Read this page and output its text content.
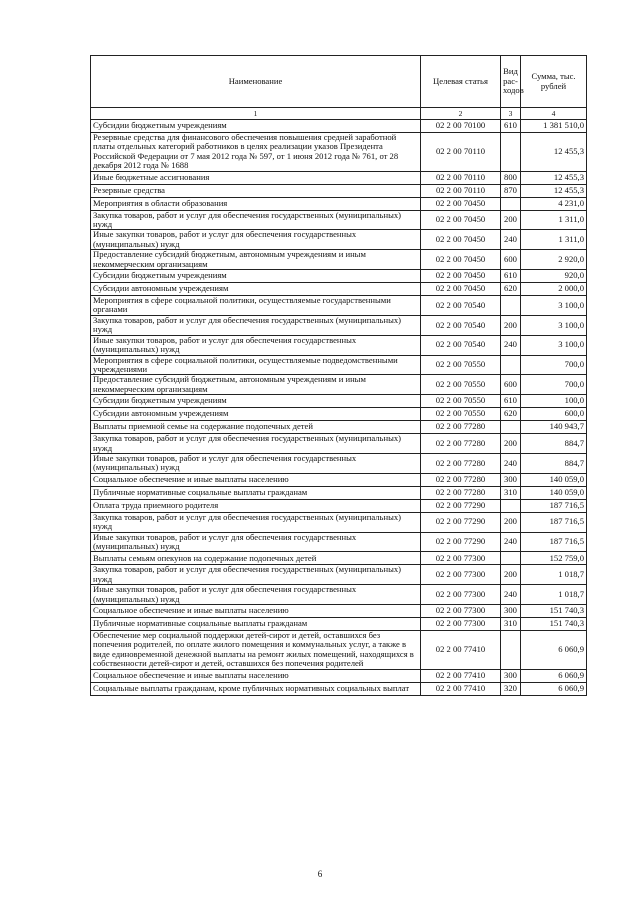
Наименование	Целевая статья	Вид рас-ходов	Сумма, тыс. рублей
1	2	3	4
Субсидии бюджетным учреждениям	02 2 00 70100	610	1 381 510,0
Резервные средства для финансового обеспечения повышения средней заработной платы отдельных категорий работников в целях реализации указов Президента Российской Федерации от 7 мая 2012 года № 597, от 1 июня 2012 года № 761, от 28 декабря 2012 года № 1688	02 2 00 70110		12 455,3
Иные бюджетные ассигнования	02 2 00 70110	800	12 455,3
Резервные средства	02 2 00 70110	870	12 455,3
Мероприятия в области образования	02 2 00 70450		4 231,0
Закупка товаров, работ и услуг для обеспечения государственных (муниципальных) нужд	02 2 00 70450	200	1 311,0
Иные закупки товаров, работ и услуг для обеспечения государственных (муниципальных) нужд	02 2 00 70450	240	1 311,0
Предоставление субсидий бюджетным, автономным учреждениям и иным некоммерческим организациям	02 2 00 70450	600	2 920,0
Субсидии бюджетным учреждениям	02 2 00 70450	610	920,0
Субсидии автономным учреждениям	02 2 00 70450	620	2 000,0
Мероприятия в сфере социальной политики, осуществляемые государственными органами	02 2 00 70540		3 100,0
Закупка товаров, работ и услуг для обеспечения государственных (муниципальных) нужд	02 2 00 70540	200	3 100,0
Иные закупки товаров, работ и услуг для обеспечения государственных (муниципальных) нужд	02 2 00 70540	240	3 100,0
Мероприятия в сфере социальной политики, осуществляемые подведомственными учреждениями	02 2 00 70550		700,0
Предоставление субсидий бюджетным, автономным учреждениям и иным некоммерческим организациям	02 2 00 70550	600	700,0
Субсидии бюджетным учреждениям	02 2 00 70550	610	100,0
Субсидии автономным учреждениям	02 2 00 70550	620	600,0
Выплаты приемной семье на содержание подопечных детей	02 2 00 77280		140 943,7
Закупка товаров, работ и услуг для обеспечения государственных (муниципальных) нужд	02 2 00 77280	200	884,7
Иные закупки товаров, работ и услуг для обеспечения государственных (муниципальных) нужд	02 2 00 77280	240	884,7
Социальное обеспечение и иные выплаты населению	02 2 00 77280	300	140 059,0
Публичные нормативные социальные выплаты гражданам	02 2 00 77280	310	140 059,0
Оплата труда приемного родителя	02 2 00 77290		187 716,5
Закупка товаров, работ и услуг для обеспечения государственных (муниципальных) нужд	02 2 00 77290	200	187 716,5
Иные закупки товаров, работ и услуг для обеспечения государственных (муниципальных) нужд	02 2 00 77290	240	187 716,5
Выплаты семьям опекунов на содержание подопечных детей	02 2 00 77300		152 759,0
Закупка товаров, работ и услуг для обеспечения государственных (муниципальных) нужд	02 2 00 77300	200	1 018,7
Иные закупки товаров, работ и услуг для обеспечения государственных (муниципальных) нужд	02 2 00 77300	240	1 018,7
Социальное обеспечение и иные выплаты населению	02 2 00 77300	300	151 740,3
Публичные нормативные социальные выплаты гражданам	02 2 00 77300	310	151 740,3
Обеспечение мер социальной поддержки детей-сирот и детей, оставшихся без попечения родителей, по оплате жилого помещения и коммунальных услуг, а также в виде единовременной денежной выплаты на ремонт жилых помещений, находящихся в собственности детей-сирот и детей, оставшихся без попечения родителей	02 2 00 77410		6 060,9
Социальное обеспечение и иные выплаты населению	02 2 00 77410	300	6 060,9
Социальные выплаты гражданам, кроме публичных нормативных социальных выплат	02 2 00 77410	320	6 060,9
6
